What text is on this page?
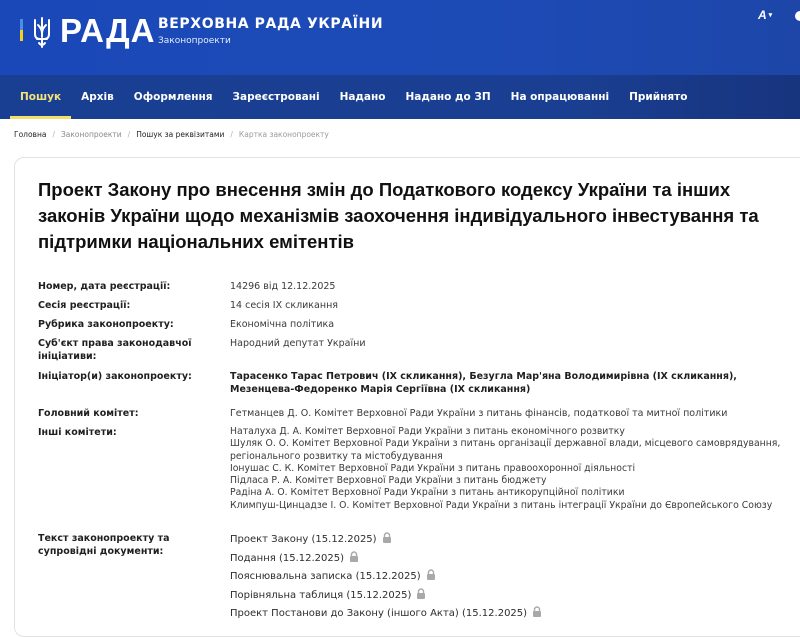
РАДА ВЕРХОВНА РАДА УКРАЇНИ
Законопроекти
A ▾
Пошук	Архів	Оформлення	Зареєстровані	Надано	Надано до ЗП	На опрацюванні	Прийнято
Головна / Законопроекти / Пошук за реквізитами / Картка законопроекту
Проект Закону про внесення змін до Податкового кодексу України та інших законів України щодо механізмів заохочення індивідуального інвестування та підтримки національних емітентів
Номер, дата реєстрації:	14296 від 12.12.2025
Сесія реєстрації:	14 сесія IX скликання
Рубрика законопроекту:	Економічна політика
Суб'єкт права законодавчої ініціативи:
Народний депутат України
Ініціатор(и) законопроекту:	Тарасенко Тарас Петрович (IX скликання), Безугла Мар'яна Володимирівна (IX скликання), Мезенцева-Федоренко Марія Сергіївна (IX скликання)
Головний комітет:	Гетманцев Д. О. Комітет Верховної Ради України з питань фінансів, податкової та митної політики
Інші комітети:	Наталуха Д. А. Комітет Верховної Ради України з питань економічного розвитку
Шуляк О. О. Комітет Верховної Ради України з питань організації державної влади, місцевого самоврядування, регіонального розвитку та містобудування
Іонушас С. К. Комітет Верховної Ради України з питань правоохоронної діяльності
Підласа Р. А. Комітет Верховної Ради України з питань бюджету
Радіна А. О. Комітет Верховної Ради України з питань антикорупційної політики
Климпуш-Цинцадзе І. О. Комітет Верховної Ради України з питань інтеграції України до Європейського Союзу
Текст законопроекту та супровідні документи:
Проект Закону (15.12.2025)
Подання (15.12.2025)
Пояснювальна записка (15.12.2025)
Порівняльна таблиця (15.12.2025)
Проект Постанови до Закону (іншого Акта) (15.12.2025)
